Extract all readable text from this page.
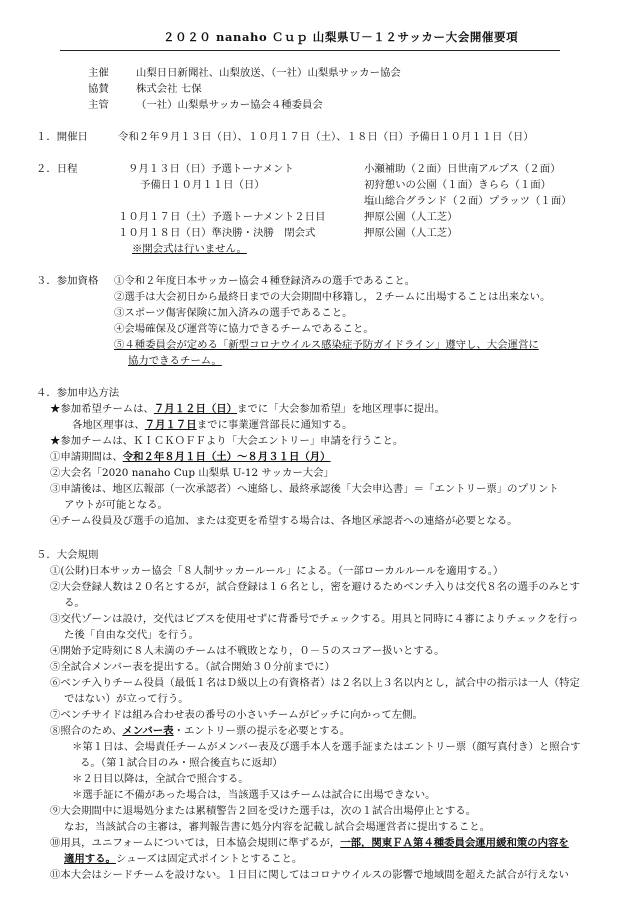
２０２０ nanaho Ｃｕｐ 山梨県Ｕ－１２サッカー大会開催要項
主催	山梨日日新聞社、山梨放送、（一社）山梨県サッカー協会
協賛	株式会社 七保
主管	（一社）山梨県サッカー協会４種委員会
１．開催日	令和２年９月１３日（日）、１０月１７日（土）、１８日（日）予備日１０月１１日（日）
２．日程	９月１３日（日）予選トーナメント	小瀬補助（２面）日世南アルプス（２面）
予備日１０月１１日（日）	初狩憩いの公園（１面）きらら（１面）
塩山総合グランド（２面）プラッツ（１面）
１０月１７日（土）予選トーナメント２日目	押原公園（人工芝）
１０月１８日（日）準決勝・決勝　閉会式	押原公園（人工芝）
※開会式は行いません。
３．参加資格 ①令和２年度日本サッカー協会４種登録済みの選手であること。
②選手は大会初日から最終日までの大会期間中移籍し，２チームに出場することは出来ない。
③スポーツ傷害保険に加入済みの選手であること。
④会場確保及び運営等に協力できるチームであること。
⑤４種委員会が定める「新型コロナウイルス感染症予防ガイドライン」遵守し、大会運営に
協力できるチーム。
４．参加申込方法
★参加希望チームは、７月１２日（日）までに「大会参加希望」を地区理事に提出。
各地区理事は、７月１７日までに事業運営部長に通知する。
★参加チームは、ＫＩＣＫＯＦＦより「大会エントリー」申請を行うこと。
①申請期間は、令和２年８月１日（土）～８月３１日（月）
②大会名「2020 nanaho Cup 山梨県 U-12 サッカー大会」
③申請後は、地区広報部（一次承認者）へ連絡し、最終承認後「大会申込書」＝「エントリー票」のプリント
アウトが可能となる。
④チーム役員及び選手の追加、または変更を希望する場合は、各地区承認者への連絡が必要となる。
５．大会規則
①(公財)日本サッカー協会「８人制サッカールール」による。（一部ローカルルールを適用する。）
②大会登録人数は２０名とするが，試合登録は１６名とし，密を避けるためベンチ入りは交代８名の選手のみとす
る。
③交代ゾーンは設け，交代はビブスを使用せずに背番号でチェックする。用具と同時に４審によりチェックを行っ
た後「自由な交代」を行う。
④開始予定時刻に８人未満のチームは不戦敗となり，０－５のスコアー扱いとする。
⑤全試合メンバー表を提出する。（試合開始３０分前までに）
⑥ベンチ入りチーム役員（最低１名はＤ級以上の有資格者）は２名以上３名以内とし，試合中の指示は一人（特定
ではない）が立って行う。
⑦ベンチサイドは組み合わせ表の番号の小さいチームがピッチに向かって左側。
⑧照合のため、メンバー表・エントリー票の提示を必要とする。
＊第１日は、会場責任チームがメンバー表及び選手本人を選手証またはエントリー票（顔写真付き）と照合す
る。（第１試合目のみ・照合後直ちに返却）
＊２日目以降は，全試合で照合する。
＊選手証に不備があった場合は，当該選手又はチームは試合に出場できない。
⑨大会期間中に退場処分または累積警告２回を受けた選手は，次の１試合出場停止とする。
なお，当該試合の主審は，審判報告書に処分内容を記載し試合会場運営者に提出すること。
⑩用具，ユニフォームについては，日本協会規則に準ずるが，一部，関東ＦＡ第４種委員会運用緩和策の内容を
適用する。シューズは固定式ポイントとすること。
⑪本大会はシードチームを設けない。１日目に関してはコロナウイルスの影響で地域間を超えた試合が行えない
